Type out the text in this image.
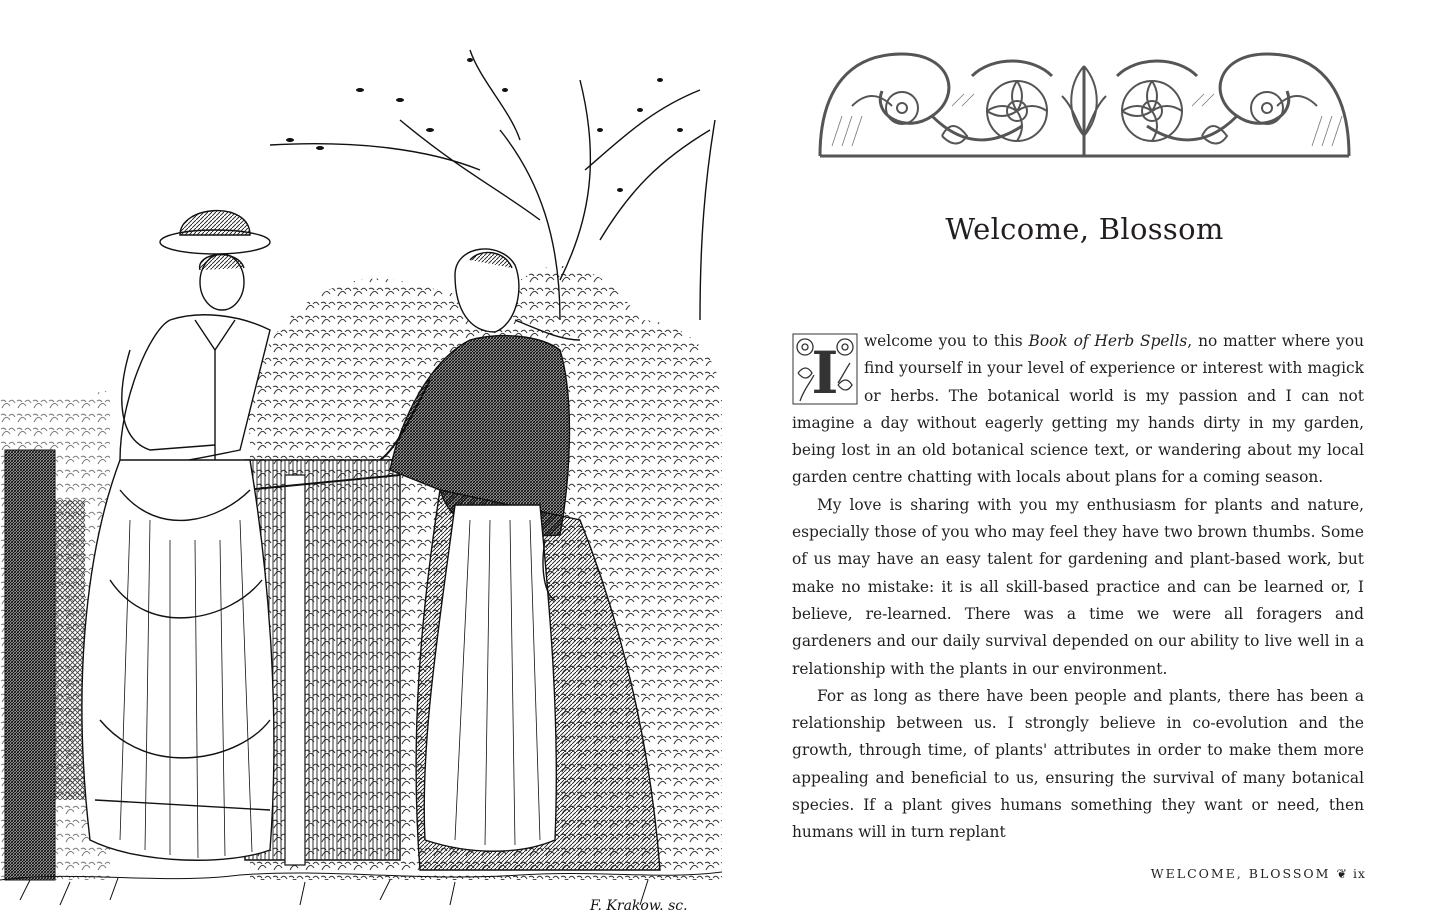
F. Krakow. sc.
Welcome, Blossom

I welcome you to this Book of Herb Spells, no matter where you find yourself in your level of experience or interest with magick or herbs. The botanical world is my passion and I can not imagine a day without eagerly getting my hands dirty in my garden, being lost in an old botanical science text, or wandering about my local garden centre chatting with locals about plans for a coming season.

My love is sharing with you my enthusiasm for plants and nature, especially those of you who may feel they have two brown thumbs. Some of us may have an easy talent for gardening and plant-based work, but make no mistake: it is all skill-based practice and can be learned or, I believe, re-learned. There was a time we were all foragers and gardeners and our daily survival depended on our ability to live well in a relationship with the plants in our environment.

For as long as there have been people and plants, there has been a relationship between us. I strongly believe in co-evolution and the growth, through time, of plants' attributes in order to make them more appealing and beneficial to us, ensuring the survival of many botanical species. If a plant gives humans something they want or need, then humans will in turn replant

WELCOME, BLOSSOM ❦ ix
